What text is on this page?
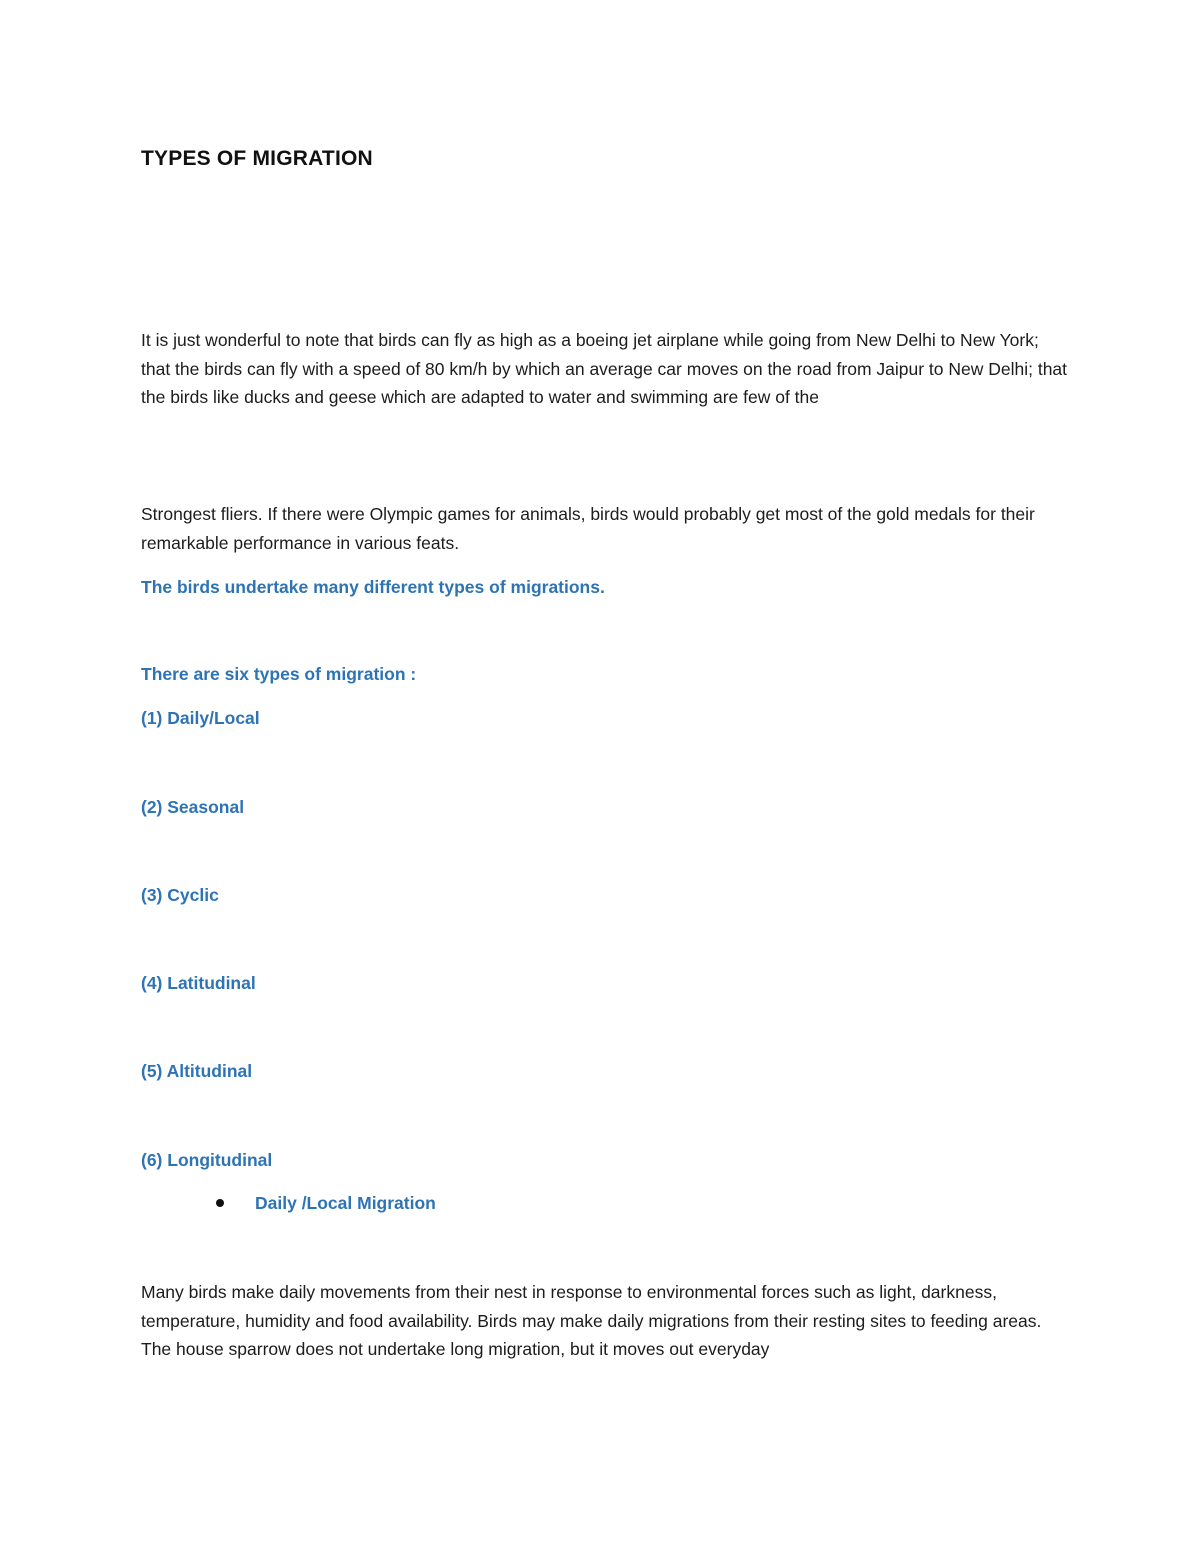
TYPES OF MIGRATION
It is just wonderful to note that birds can fly as high as a boeing jet airplane while going from New Delhi to New York; that the birds can fly with a speed of 80 km/h by which an average car moves on the road from Jaipur to New Delhi; that the birds like ducks and geese which are adapted to water and swimming are few of the
Strongest fliers. If there were Olympic games for animals, birds would probably get most of the gold medals for their remarkable performance in various feats.
The birds undertake many different types of migrations.
There are six types of migration :
(1) Daily/Local
(2) Seasonal
(3) Cyclic
(4) Latitudinal
(5) Altitudinal
(6) Longitudinal
Daily /Local Migration
Many birds make daily movements from their nest in response to environmental forces such as light, darkness, temperature, humidity and food availability. Birds may make daily migrations from their resting sites to feeding areas. The house sparrow does not undertake long migration, but it moves out everyday
